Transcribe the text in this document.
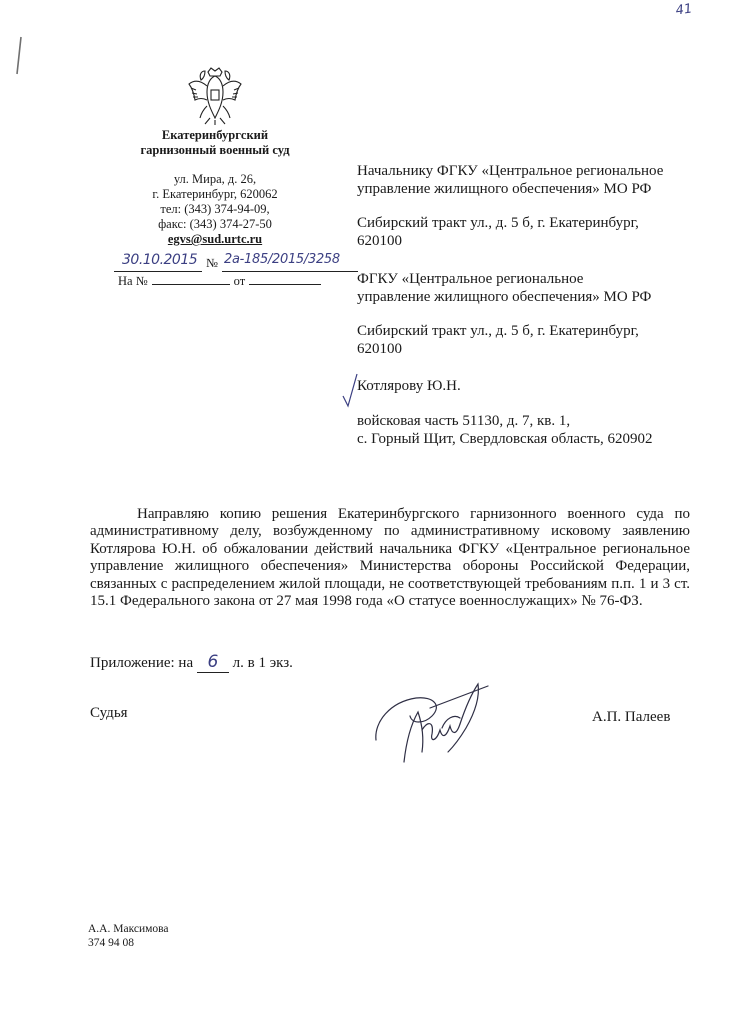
41
Екатеринбургский
гарнизонный военный суд
ул. Мира, д. 26,
г. Екатеринбург, 620062
тел: (343) 374-94-09,
факс: (343) 374-27-50
egvs@sud.urtc.ru
30.10.2015 № 2а-185/2015/3258
На №	от
Начальнику ФГКУ «Центральное региональное
управление жилищного обеспечения» МО РФ
Сибирский тракт ул., д. 5 б, г. Екатеринбург,
620100
ФГКУ «Центральное региональное
управление жилищного обеспечения» МО РФ
Сибирский тракт ул., д. 5 б, г. Екатеринбург,
620100
Котлярову Ю.Н.
войсковая часть 51130, д. 7, кв. 1,
с. Горный Щит, Свердловская область, 620902
Направляю копию решения Екатеринбургского гарнизонного военного суда по административному делу, возбужденному по административному исковому заявлению Котлярова Ю.Н. об обжаловании действий начальника ФГКУ «Центральное региональное управление жилищного обеспечения» Министерства обороны Российской Федерации, связанных с распределением жилой площади, не соответствующей требованиям п.п. 1 и 3 ст. 15.1 Федерального закона от 27 мая 1998 года «О статусе военнослужащих» № 76-ФЗ.
Приложение: на 6 л. в 1 экз.
Судья	А.П. Палеев
А.А. Максимова
374 94 08
